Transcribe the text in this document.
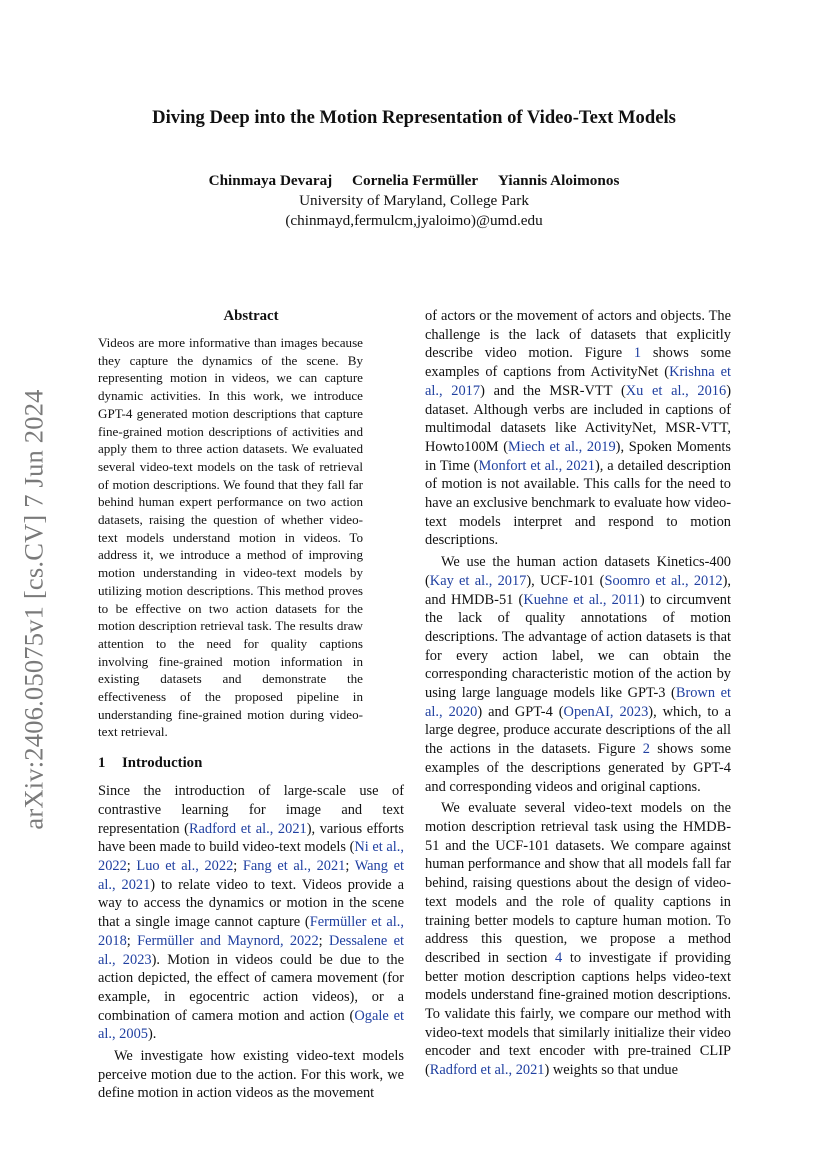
arXiv:2406.05075v1 [cs.CV] 7 Jun 2024
Diving Deep into the Motion Representation of Video-Text Models
Chinmaya Devaraj Cornelia Fermüller Yiannis Aloimonos
University of Maryland, College Park
(chinmayd,fermulcm,jyaloimo)@umd.edu
Abstract

Videos are more informative than images because they capture the dynamics of the scene. By representing motion in videos, we can capture dynamic activities. In this work, we introduce GPT-4 generated motion descriptions that capture fine-grained motion descriptions of activities and apply them to three action datasets. We evaluated several video-text models on the task of retrieval of motion descriptions. We found that they fall far behind human expert performance on two action datasets, raising the question of whether video-text models understand motion in videos. To address it, we introduce a method of improving motion understanding in video-text models by utilizing motion descriptions. This method proves to be effective on two action datasets for the motion description retrieval task. The results draw attention to the need for quality captions involving fine-grained motion information in existing datasets and demonstrate the effectiveness of the proposed pipeline in understanding fine-grained motion during video-text retrieval.

1 Introduction

Since the introduction of large-scale use of contrastive learning for image and text representation (Radford et al., 2021), various efforts have been made to build video-text models (Ni et al., 2022; Luo et al., 2022; Fang et al., 2021; Wang et al., 2021) to relate video to text. Videos provide a way to access the dynamics or motion in the scene that a single image cannot capture (Fermüller et al., 2018; Fermüller and Maynord, 2022; Dessalene et al., 2023). Motion in videos could be due to the action depicted, the effect of camera movement (for example, in egocentric action videos), or a combination of camera motion and action (Ogale et al., 2005).

We investigate how existing video-text models perceive motion due to the action. For this work, we define motion in action videos as the movement

of actors or the movement of actors and objects. The challenge is the lack of datasets that explicitly describe video motion. Figure 1 shows some examples of captions from ActivityNet (Krishna et al., 2017) and the MSR-VTT (Xu et al., 2016) dataset. Although verbs are included in captions of multimodal datasets like ActivityNet, MSR-VTT, Howto100M (Miech et al., 2019), Spoken Moments in Time (Monfort et al., 2021), a detailed description of motion is not available. This calls for the need to have an exclusive benchmark to evaluate how video-text models interpret and respond to motion descriptions.

We use the human action datasets Kinetics-400 (Kay et al., 2017), UCF-101 (Soomro et al., 2012), and HMDB-51 (Kuehne et al., 2011) to circumvent the lack of quality annotations of motion descriptions. The advantage of action datasets is that for every action label, we can obtain the corresponding characteristic motion of the action by using large language models like GPT-3 (Brown et al., 2020) and GPT-4 (OpenAI, 2023), which, to a large degree, produce accurate descriptions of the all the actions in the datasets. Figure 2 shows some examples of the descriptions generated by GPT-4 and corresponding videos and original captions.

We evaluate several video-text models on the motion description retrieval task using the HMDB-51 and the UCF-101 datasets. We compare against human performance and show that all models fall far behind, raising questions about the design of video-text models and the role of quality captions in training better models to capture human motion. To address this question, we propose a method described in section 4 to investigate if providing better motion description captions helps video-text models understand fine-grained motion descriptions. To validate this fairly, we compare our method with video-text models that similarly initialize their video encoder and text encoder with pre-trained CLIP (Radford et al., 2021) weights so that undue
